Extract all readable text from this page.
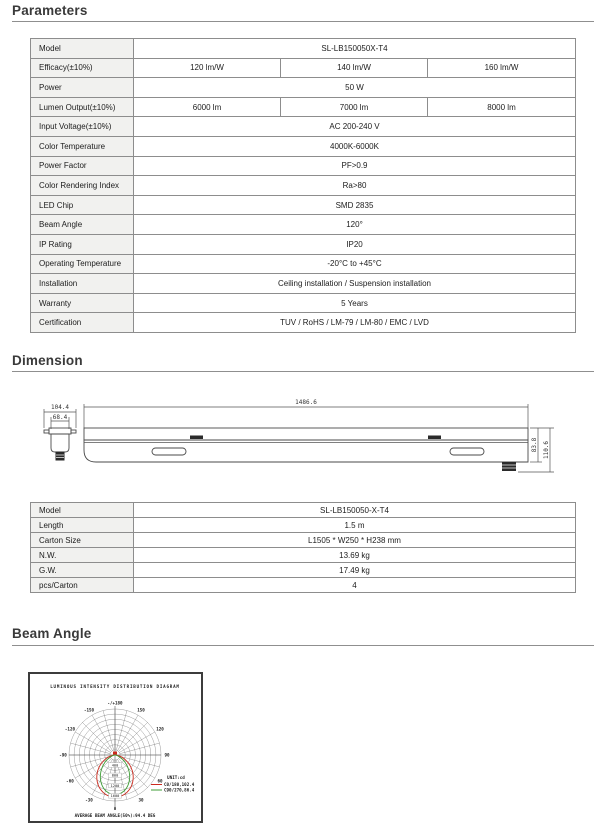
Parameters
Model	SL-LB150050X-T4		
Efficacy(±10%)	120 lm/W	140 lm/W	160 lm/W
Power	50 W		
Lumen Output(±10%)	6000 lm	7000 lm	8000 lm
Input Voltage(±10%)	AC 200-240 V		
Color Temperature	4000K-6000K		
Power Factor	PF>0.9		
Color Rendering Index	Ra>80		
LED Chip	SMD 2835		
Beam Angle	120°		
IP Rating	IP20		
Operating Temperature	-20°C to +45°C		
Installation	Ceiling installation / Suspension installation		
Warranty	5 Years		
Certification	TUV / RoHS / LM-79 / LM-80 / EMC / LVD		
Dimension
104.4
68.4
1486.6
83.8 110.6
Model	SL-LB150050-X-T4
Length	1.5 m
Carton Size	L1505 * W250 * H238 mm
N.W.	13.69 kg
G.W.	17.49 kg
pcs/Carton	4
Beam Angle
LUMINOUS INTENSITY DISTRIBUTION DIAGRAM
400
800
1200
1600
30
-30
60
-60
90
-90
120
-120
150
-150
-/+180
0
UNIT:cd
C0/180,102.4
C90/270,86.4
AVERAGE BEAM ANGLE(50%):94.4 DEG
